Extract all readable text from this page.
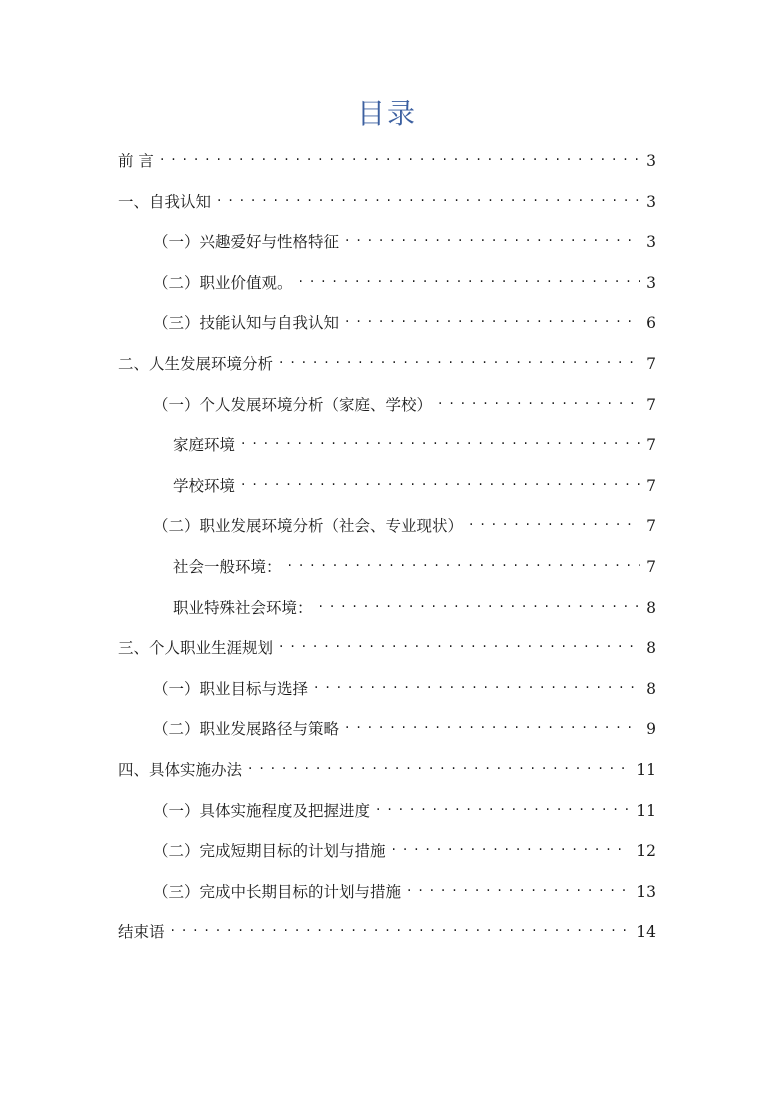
目录
前 言 . . .	3
一、自我认知 . . .	3
（一）兴趣爱好与性格特征 . . .	3
（二）职业价值观。 . . .	3
（三）技能认知与自我认知 . . .	6
二、人生发展环境分析 . . .	7
（一）个人发展环境分析（家庭、学校） . . .	7
家庭环境 . . .	7
学校环境 . . .	7
（二）职业发展环境分析（社会、专业现状） . . .	7
社会一般环境： . . .	7
职业特殊社会环境： . . .	8
三、个人职业生涯规划 . . .	8
（一）职业目标与选择 . . .	8
（二）职业发展路径与策略 . . .	9
四、具体实施办法 . . .	11
（一）具体实施程度及把握进度 . . .	11
（二）完成短期目标的计划与措施 . . .	12
（三）完成中长期目标的计划与措施 . . .	13
结束语 . . .	14
